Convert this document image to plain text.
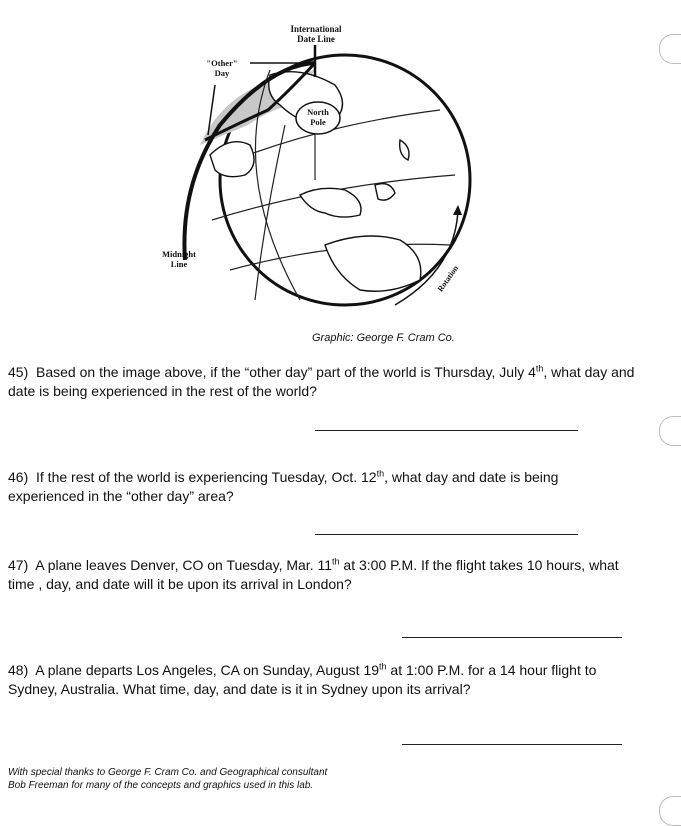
International
Date Line
"Other"
Day
North
Pole
Midnight
Line	Rotation
Graphic: George F. Cram Co.
45) Based on the image above, if the “other day” part of the world is Thursday, July 4th, what day and date is being experienced in the rest of the world?
46) If the rest of the world is experiencing Tuesday, Oct. 12th, what day and date is being experienced in the “other day” area?
47) A plane leaves Denver, CO on Tuesday, Mar. 11th at 3:00 P.M. If the flight takes 10 hours, what time , day, and date will it be upon its arrival in London?
48) A plane departs Los Angeles, CA on Sunday, August 19th at 1:00 P.M. for a 14 hour flight to Sydney, Australia. What time, day, and date is it in Sydney upon its arrival?
With special thanks to George F. Cram Co. and Geographical consultant
Bob Freeman for many of the concepts and graphics used in this lab.
